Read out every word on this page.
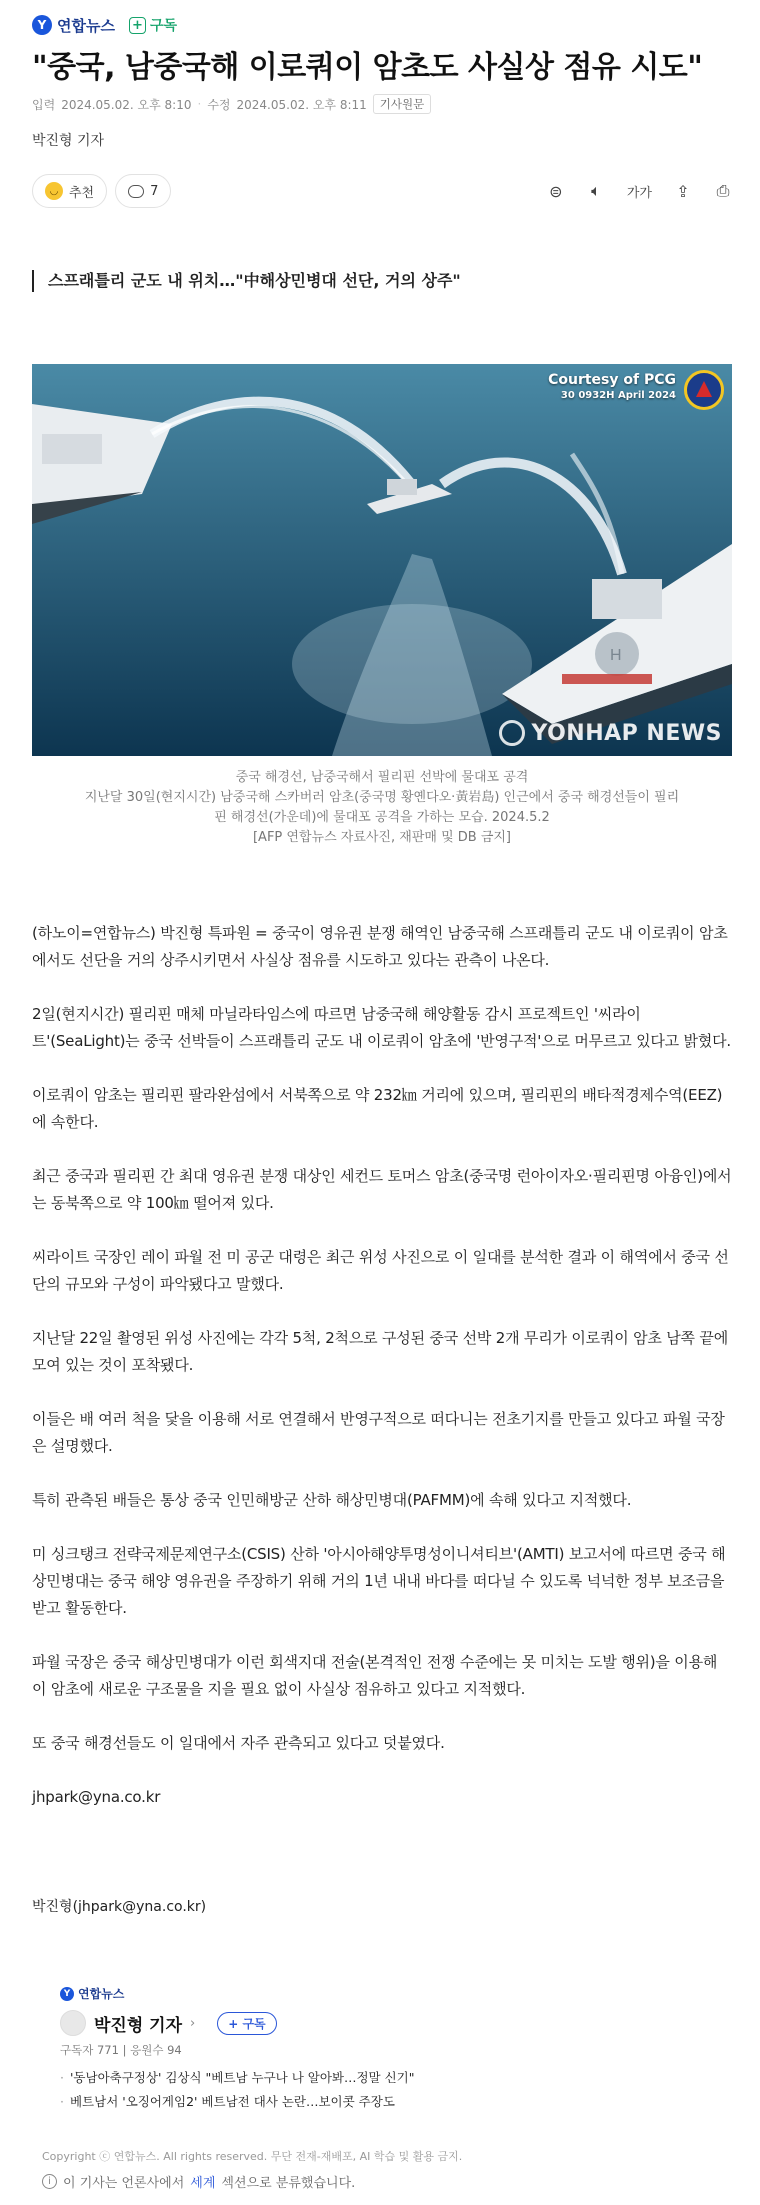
Y 연합뉴스 + 구독
"중국, 남중국해 이로쿼이 암초도 사실상 점유 시도"
입력 2024.05.02. 오후 8:10 · 수정 2024.05.02. 오후 8:11	기사원문
박진형 기자
◡ 추천	7	⊜ 🔈︎	가가 ⇪ ⎙
스프래틀리 군도 내 위치…"中해상민병대 선단, 거의 상주"
H
Courtesy of PCG
30 0932H April 2024
YONHAP NEWS

중국 해경선, 남중국해서 필리핀 선박에 물대포 공격

지난달 30일(현지시간) 남중국해 스카버러 암초(중국명 황옌다오·黃岩島) 인근에서 중국 해경선들이 필리
핀 해경선(가운데)에 물대포 공격을 가하는 모습. 2024.5.2

[AFP 연합뉴스 자료사진, 재판매 및 DB 금지]

(하노이=연합뉴스) 박진형 특파원 = 중국이 영유권 분쟁 해역인 남중국해 스프래틀리 군도 내 이로쿼이 암초에서도 선단을 거의 상주시키면서 사실상 점유를 시도하고 있다는 관측이 나온다.

2일(현지시간) 필리핀 매체 마닐라타임스에 따르면 남중국해 해양활동 감시 프로젝트인 '씨라이트'(SeaLight)는 중국 선박들이 스프래틀리 군도 내 이로쿼이 암초에 '반영구적'으로 머무르고 있다고 밝혔다.

이로쿼이 암초는 필리핀 팔라완섬에서 서북쪽으로 약 232㎞ 거리에 있으며, 필리핀의 배타적경제수역(EEZ)에 속한다.

최근 중국과 필리핀 간 최대 영유권 분쟁 대상인 세컨드 토머스 암초(중국명 런아이자오·필리핀명 아융인)에서는 동북쪽으로 약 100㎞ 떨어져 있다.

씨라이트 국장인 레이 파월 전 미 공군 대령은 최근 위성 사진으로 이 일대를 분석한 결과 이 해역에서 중국 선단의 규모와 구성이 파악됐다고 말했다.

지난달 22일 촬영된 위성 사진에는 각각 5척, 2척으로 구성된 중국 선박 2개 무리가 이로쿼이 암초 남쪽 끝에 모여 있는 것이 포착됐다.

이들은 배 여러 척을 닻을 이용해 서로 연결해서 반영구적으로 떠다니는 전초기지를 만들고 있다고 파월 국장은 설명했다.

특히 관측된 배들은 통상 중국 인민해방군 산하 해상민병대(PAFMM)에 속해 있다고 지적했다.

미 싱크탱크 전략국제문제연구소(CSIS) 산하 '아시아해양투명성이니셔티브'(AMTI) 보고서에 따르면 중국 해상민병대는 중국 해양 영유권을 주장하기 위해 거의 1년 내내 바다를 떠다닐 수 있도록 넉넉한 정부 보조금을 받고 활동한다.

파월 국장은 중국 해상민병대가 이런 회색지대 전술(본격적인 전쟁 수준에는 못 미치는 도발 행위)을 이용해 이 암초에 새로운 구조물을 지을 필요 없이 사실상 점유하고 있다고 지적했다.

또 중국 해경선들도 이 일대에서 자주 관측되고 있다고 덧붙였다.

jhpark@yna.co.kr

박진형(jhpark@yna.co.kr)
Y 연합뉴스
박진형 기자 ›	+ 구독
구독자 771 | 응원수 94
· '동남아축구정상' 김상식 "베트남 누구나 나 알아봐…정말 신기"
· 베트남서 '오징어게임2' 베트남전 대사 논란…보이콧 주장도
Copyright ⓒ 연합뉴스. All rights reserved. 무단 전재-재배포, AI 학습 및 활용 금지.
i 이 기사는 언론사에서 세계 섹션으로 분류했습니다.
